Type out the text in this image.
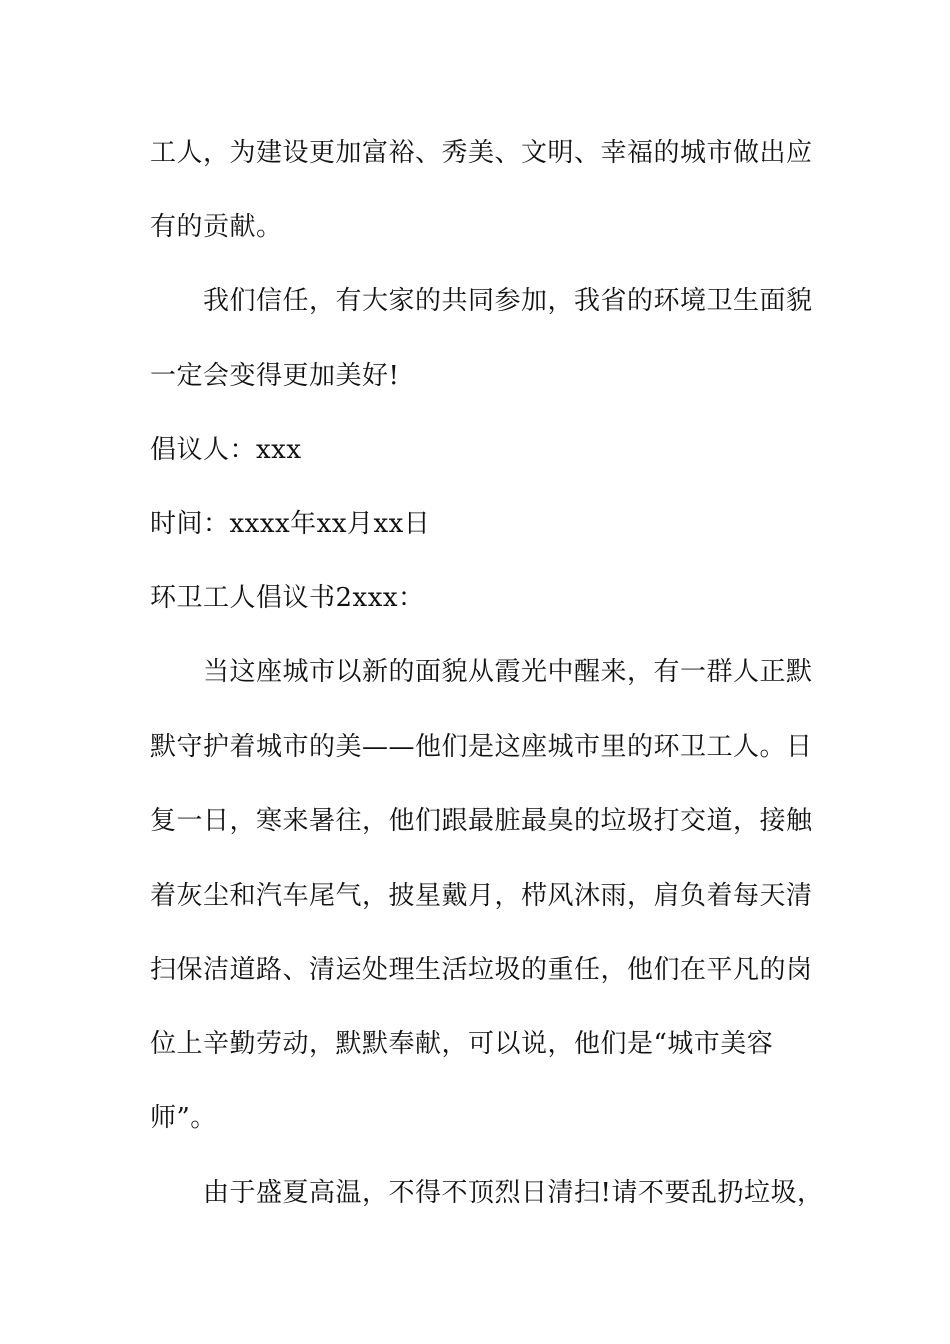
工人，为建设更加富裕、秀美、文明、幸福的城市做出应
有的贡献。
我们信任，有大家的共同参加，我省的环境卫生面貌
一定会变得更加美好!
倡议人：xxx
时间：xxxx年xx月xx日
环卫工人倡议书2xxx：
当这座城市以新的面貌从霞光中醒来，有一群人正默
默守护着城市的美——他们是这座城市里的环卫工人。日
复一日，寒来暑往，他们跟最脏最臭的垃圾打交道，接触
着灰尘和汽车尾气，披星戴月，栉风沐雨，肩负着每天清
扫保洁道路、清运处理生活垃圾的重任，他们在平凡的岗
位上辛勤劳动，默默奉献，可以说，他们是“城市美容
师”。
由于盛夏高温，不得不顶烈日清扫!请不要乱扔垃圾，
